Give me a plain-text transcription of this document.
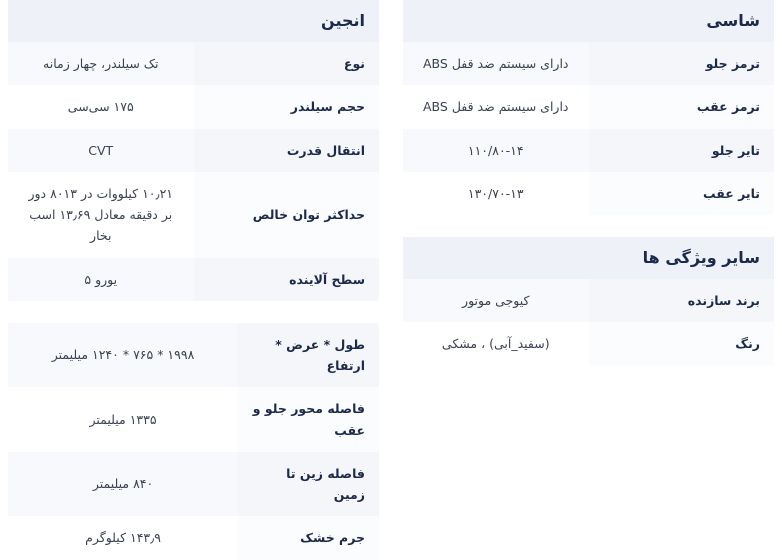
شاسی	
ترمز جلو	دارای سیستم ضد قفل ABS
ترمز عقب	دارای سیستم ضد قفل ABS
تایر جلو	۱۱۰/۸۰-۱۴
تایر عقب	۱۳۰/۷۰-۱۳
سایر ویژگی ها	
برند سازنده	کیوجی موتور
رنگ	(سفید_آبی) ، مشکی
انجین	
نوع	تک سیلندر، چهار زمانه
حجم سیلندر	۱۷۵ سی‌سی
انتقال قدرت	CVT
حداکثر توان خالص	۱۰٫۲۱ کیلووات در ۸۰۱۳ دور بر دقیقه معادل ۱۳٫۶۹ اسب بخار
سطح آلاینده	یورو ۵
طول * عرض * ارتفاع	۱۹۹۸ * ۷۶۵ * ۱۲۴۰ میلیمتر
فاصله محور جلو و عقب	۱۳۳۵ میلیمتر
فاصله زین تا زمین	۸۴۰ میلیمتر
جرم خشک	۱۴۳٫۹ کیلوگرم
